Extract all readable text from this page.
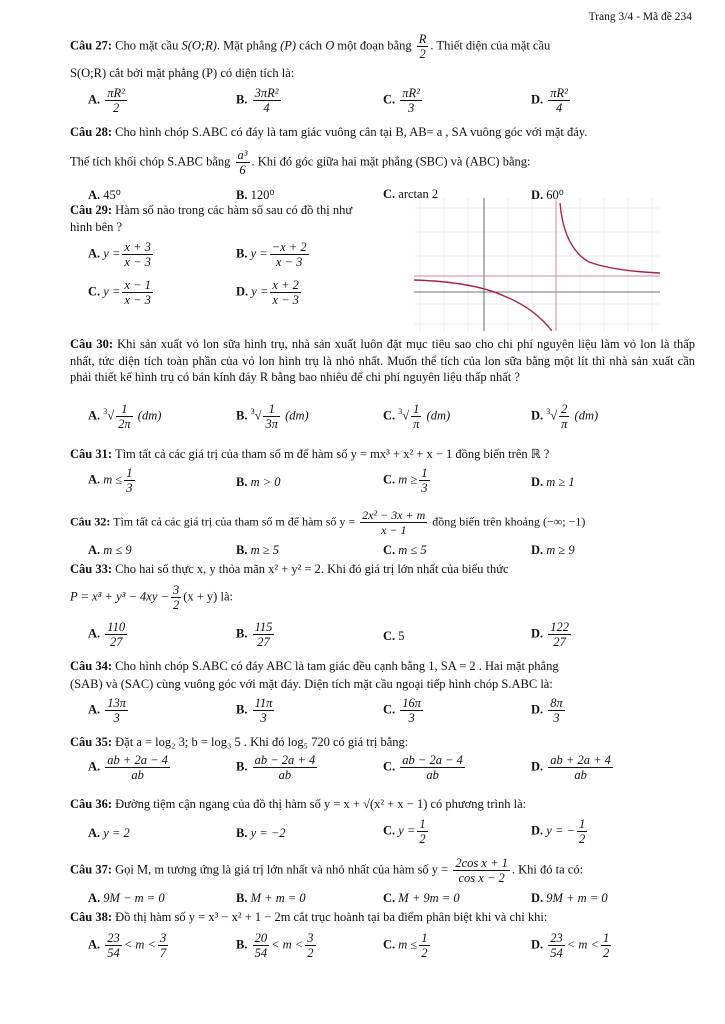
Trang 3/4 - Mã đề 234
Câu 27: Cho mặt cầu S(O;R). Mặt phẳng (P) cách O một đoạn bằng $\frac{R}{2}$ . Thiết diện của mặt cầu
S(O;R) cắt bởi mặt phẳng (P) có diện tích là:
A. $\frac{\text{πR²}}{2}$	B. $\frac{\text{3πR²}}{4}$	C. $\frac{\text{πR²}}{3}$	D. $\frac{\text{πR²}}{4}$
Câu 28: Cho hình chóp S.ABC có đáy là tam giác vuông cân tại B, AB= a , SA vuông góc với mặt đáy.
Thể tích khối chóp S.ABC bằng $\frac{\text{a³}}{6}$ . Khi đó góc giữa hai mặt phẳng (SBC) và (ABC) bằng:
A. 45⁰	B. 120⁰	C. arctan 2	D. 60⁰
Câu 29: Hàm số nào trong các hàm số sau có đồ thị như
hình bên ?
A. $y = \frac{x + 3}{x - 3}$	B. $y = \frac{-x + 2}{x - 3}$
C. $y = \frac{x - 1}{x - 3}$	D. $y = \frac{x + 2}{x - 3}$
Câu 30: Khi sản xuất vỏ lon sữa hình trụ, nhà sản xuất luôn đặt mục tiêu sao cho chi phí nguyên liệu làm vỏ lon là thấp nhất, tức diện tích toàn phần của vỏ lon hình trụ là nhỏ nhất. Muốn thể tích của lon sữa bằng một lít thì nhà sản xuất cần phải thiết kế hình trụ có bán kính đáy R bằng bao nhiêu để chi phí nguyên liệu thấp nhất ?
A. $^3√ \frac{1}{2\pi} (dm)$	B. $^3√ \frac{1}{3\pi} (dm)$	C. $^3√ \frac{1}{\pi} (dm)$	D. $^3√ \frac{2}{\pi} (dm)$
Câu 31: Tìm tất cả các giá trị của tham số m để hàm số y = mx³ + x² + x − 1 đồng biến trên ℝ ?
A. $m \le \frac{1}{3}$	B. m > 0	C. $m \ge \frac{1}{3}$	D. m ≥ 1
Câu 32: Tìm tất cả các giá trị của tham số m để hàm số $y = \frac{\text{2x² − 3x + m}}{x - 1}$ đồng biến trên khoảng (−∞; −1)
A. m ≤ 9	B. m ≥ 5	C. m ≤ 5	D. m ≥ 9
Câu 33: Cho hai số thực x, y thỏa mãn x² + y² = 2. Khi đó giá trị lớn nhất của biểu thức
$P = x^3 + y^3 - 4xy - \frac{3}{2} (x + y)$ là:
A. $\frac{110}{27}$	B. $\frac{115}{27}$	C. 5	D. $\frac{122}{27}$
Câu 34: Cho hình chóp S.ABC có đáy ABC là tam giác đều cạnh bằng 1, SA = 2 . Hai mặt phẳng
(SAB) và (SAC) cùng vuông góc với mặt đáy. Diện tích mặt cầu ngoại tiếp hình chóp S.ABC là:
A. $\frac{13\pi}{3}$	B. $\frac{11\pi}{3}$	C. $\frac{16\pi}{3}$	D. $\frac{8\pi}{3}$
Câu 35: Đặt a = log₂ 3; b = log₃ 5 . Khi đó log₅ 720 có giá trị bằng:
A. $\frac{ab + 2a - 4}{ab}$	B. $\frac{ab - 2a + 4}{ab}$	C. $\frac{ab - 2a - 4}{ab}$	D. $\frac{ab + 2a + 4}{ab}$
Câu 36: Đường tiệm cận ngang của đồ thị hàm số y = x + √(x² + x − 1) có phương trình là:
A. y = 2	B. y = −2	C. $y = \frac{1}{2}$	D. y = − $\frac{1}{2}$
Câu 37: Gọi M, m tương ứng là giá trị lớn nhất và nhỏ nhất của hàm số $y = \frac{\text{2cos x + 1}}{\text{cos x − 2}}$ . Khi đó ta có:
A. 9M − m = 0	B. M + m = 0	C. M + 9m = 0	D. 9M + m = 0
Câu 38: Đồ thị hàm số y = x³ − x² + 1 − 2m cắt trục hoành tại ba điểm phân biệt khi và chỉ khi:
A. $\frac{23}{54} < m < \frac{3}{7}$	B. $\frac{20}{54} < m < \frac{3}{2}$	C. $m \le \frac{1}{2}$	D. $\frac{23}{54} < m < \frac{1}{2}$
